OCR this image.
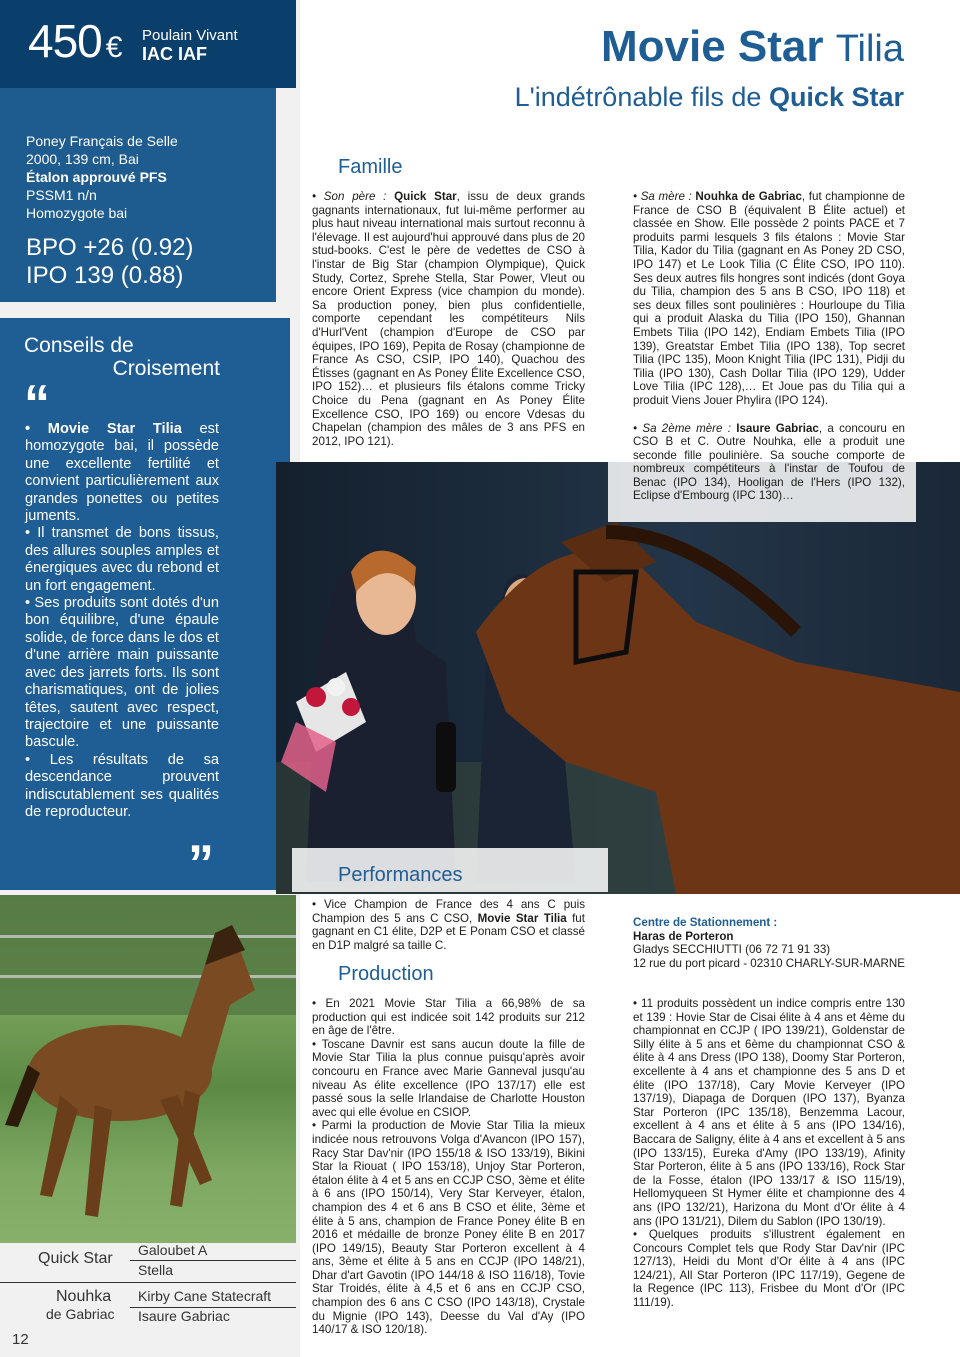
450 € Poulain Vivant
IAC IAF
Poney Français de Selle
2000, 139 cm, Bai
Étalon approuvé PFS
PSSM1 n/n
Homozygote bai
BPO +26 (0.92)
IPO 139 (0.88)
Conseils de
Croisement
“

• Movie Star Tilia est homozygote bai, il possède une excellente fertilité et convient particulièrement aux grandes ponettes ou petites juments.

• Il transmet de bons tissus, des allures souples amples et énergiques avec du rebond et un fort engagement.

• Ses produits sont dotés d'un bon équilibre, d'une épaule solide, de force dans le dos et d'une arrière main puissante avec des jarrets forts. Ils sont charismatiques, ont de jolies têtes, sautent avec respect, trajectoire et une puissante bascule.

• Les résultats de sa descendance prouvent indiscutablement ses qualités de reproducteur.

”
Quick Star Galoubet A
Stella
Nouhka
de Gabriac
Kirby Cane Statecraft
Isaure Gabriac
12
Movie Star Tilia
L'indétrônable fils de Quick Star
Famille

• Son père : Quick Star, issu de deux grands gagnants internationaux, fut lui-même performer au plus haut niveau international mais surtout reconnu à l'élevage. Il est aujourd'hui approuvé dans plus de 20 stud-books. C'est le père de vedettes de CSO à l'instar de Big Star (champion Olympique), Quick Study, Cortez, Sprehe Stella, Star Power, Vleut ou encore Orient Express (vice champion du monde). Sa production poney, bien plus confidentielle, comporte cependant les compétiteurs Nils d'Hurl'Vent (champion d'Europe de CSO par équipes, IPO 169), Pepita de Rosay (championne de France As CSO, CSIP, IPO 140), Quachou des Étisses (gagnant en As Poney Élite Excellence CSO, IPO 152)… et plusieurs fils étalons comme Tricky Choice du Pena (gagnant en As Poney Élite Excellence CSO, IPO 169) ou encore Vdesas du Chapelan (champion des mâles de 3 ans PFS en 2012, IPO 121).

• Sa mère : Nouhka de Gabriac, fut championne de France de CSO B (équivalent B Élite actuel) et classée en Show. Elle possède 2 points PACE et 7 produits parmi lesquels 3 fils étalons : Movie Star Tilia, Kador du Tilia (gagnant en As Poney 2D CSO, IPO 147) et Le Look Tilia (C Élite CSO, IPO 110). Ses deux autres fils hongres sont indicés (dont Goya du Tilia, champion des 5 ans B CSO, IPO 118) et ses deux filles sont poulinières : Hourloupe du Tilia qui a produit Alaska du Tilia (IPO 150), Ghannan Embets Tilia (IPO 142), Endiam Embets Tilia (IPO 139), Greatstar Embet Tilia (IPO 138), Top secret Tilia (IPC 135), Moon Knight Tilia (IPC 131), Pidji du Tilia (IPO 130), Cash Dollar Tilia (IPO 129), Udder Love Tilia (IPC 128),… Et Joue pas du Tilia qui a produit Viens Jouer Phylira (IPO 124).

• Sa 2ème mère : Isaure Gabriac, a concouru en CSO B et C. Outre Nouhka, elle a produit une seconde fille poulinière. Sa souche comporte de nombreux compétiteurs à l'instar de Toufou de Benac (IPO 134), Hooligan de l'Hers (IPO 132), Eclipse d'Embourg (IPC 130)…

Performances

• Vice Champion de France des 4 ans C puis Champion des 5 ans C CSO, Movie Star Tilia fut gagnant en C1 élite, D2P et E Ponam CSO et classé en D1P malgré sa taille C.

Centre de Stationnement :
Haras de Porteron
Gladys SECCHIUTTI (06 72 71 91 33)
12 rue du port picard - 02310 CHARLY-SUR-MARNE
Production

• En 2021 Movie Star Tilia a 66,98% de sa production qui est indicée soit 142 produits sur 212 en âge de l'être.

• Toscane Davnir est sans aucun doute la fille de Movie Star Tilia la plus connue puisqu'après avoir concouru en France avec Marie Ganneval jusqu'au niveau As élite excellence (IPO 137/17) elle est passé sous la selle Irlandaise de Charlotte Houston avec qui elle évolue en CSIOP.

• Parmi la production de Movie Star Tilia la mieux indicée nous retrouvons Volga d'Avancon (IPO 157), Racy Star Dav'nir (IPO 155/18 & ISO 133/19), Bikini Star la Riouat ( IPO 153/18), Unjoy Star Porteron, étalon élite à 4 et 5 ans en CCJP CSO, 3ème et élite à 6 ans (IPO 150/14), Very Star Kerveyer, étalon, champion des 4 et 6 ans B CSO et élite, 3ème et élite à 5 ans, champion de France Poney élite B en 2016 et médaille de bronze Poney élite B en 2017 (IPO 149/15), Beauty Star Porteron excellent à 4 ans, 3ème et élite à 5 ans en CCJP (IPO 148/21), Dhar d'art Gavotin (IPO 144/18 & ISO 116/18), Tovie Star Troidés, élite à 4,5 et 6 ans en CCJP CSO, champion des 6 ans C CSO (IPO 143/18), Crystale du Mignie (IPO 143), Deesse du Val d'Ay (IPO 140/17 & ISO 120/18).

• 11 produits possèdent un indice compris entre 130 et 139 : Hovie Star de Cisai élite à 4 ans et 4ème du championnat en CCJP ( IPO 139/21), Goldenstar de Silly élite à 5 ans et 6ème du championnat CSO & élite à 4 ans Dress (IPO 138), Doomy Star Porteron, excellente à 4 ans et championne des 5 ans D et élite (IPO 137/18), Cary Movie Kerveyer (IPO 137/19), Diapaga de Dorquen (IPO 137), Byanza Star Porteron (IPC 135/18), Benzemma Lacour, excellent à 4 ans et élite à 5 ans (IPO 134/16), Baccara de Saligny, élite à 4 ans et excellent à 5 ans (IPO 133/15), Eureka d'Amy (IPO 133/19), Afinity Star Porteron, élite à 5 ans (IPO 133/16), Rock Star de la Fosse, étalon (IPO 133/17 & ISO 115/19), Hellomyqueen St Hymer élite et championne des 4 ans (IPO 132/21), Harizona du Mont d'Or élite à 4 ans (IPO 131/21), Dilem du Sablon (IPO 130/19).

• Quelques produits s'illustrent également en Concours Complet tels que Rody Star Dav'nir (IPC 127/13), Heidi du Mont d'Or élite à 4 ans (IPC 124/21), All Star Porteron (IPC 117/19), Gegene de la Regence (IPC 113), Frisbee du Mont d'Or (IPC 111/19).
